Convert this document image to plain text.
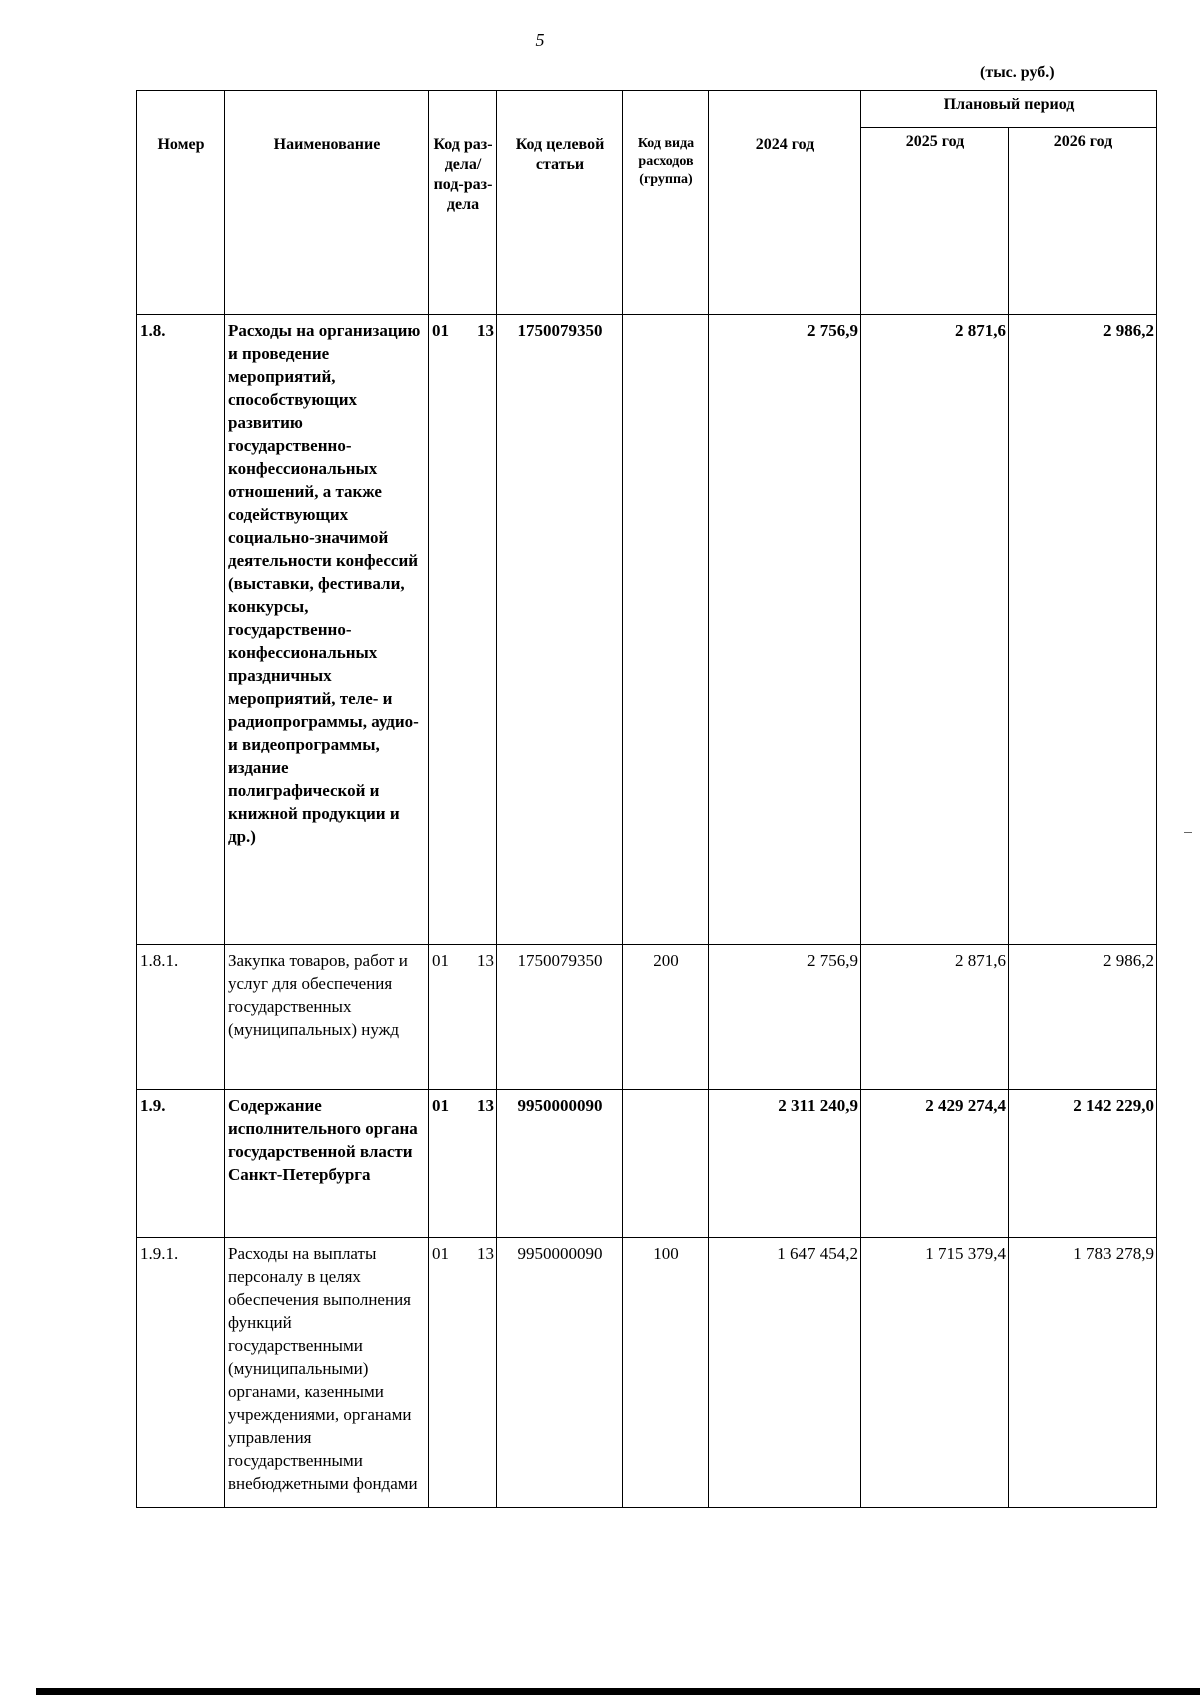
5
(тыс. руб.)
Номер	Наименование	Код раз-дела/ под-раз-дела	Код целевой статьи	Код вида расходов (группа)	2024 год	Плановый период	
						2025 год	2026 год
1.8.	Расходы на организацию и проведение мероприятий, способствующих развитию государственно-конфессиональных отношений, а также содействующих социально-значимой деятельности конфессий (выставки, фестивали, конкурсы, государственно-конфессиональных праздничных мероприятий, теле- и радиопрограммы, аудио- и видеопрограммы, издание полиграфической и книжной продукции и др.)	01 13	1750079350		2 756,9	2 871,6	2 986,2
1.8.1.	Закупка товаров, работ и услуг для обеспечения государственных (муниципальных) нужд	01 13	1750079350	200	2 756,9	2 871,6	2 986,2
1.9.	Содержание исполнительного органа государственной власти Санкт-Петербурга	01 13	9950000090		2 311 240,9	2 429 274,4	2 142 229,0
1.9.1.	Расходы на выплаты персоналу в целях обеспечения выполнения функций государственными (муниципальными) органами, казенными учреждениями, органами управления государственными внебюджетными фондами	01 13	9950000090	100	1 647 454,2	1 715 379,4	1 783 278,9
